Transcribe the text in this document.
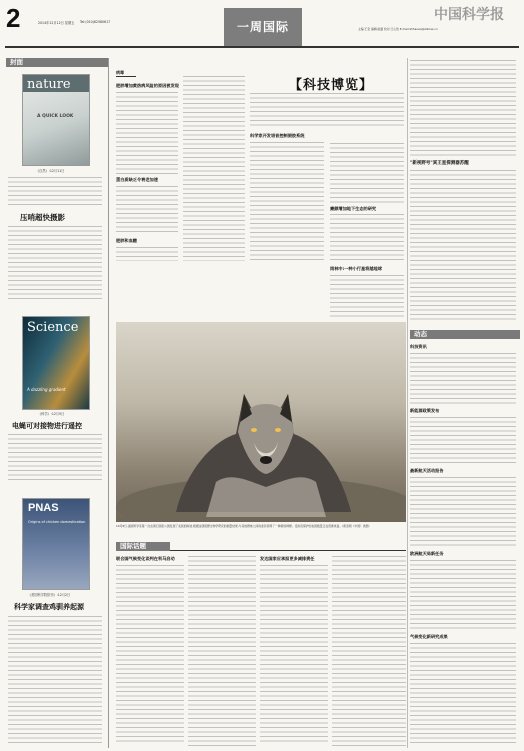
2	2014年12月12日 星期五 Tel:(010)62580617	一周国际
中国科学报
主编:王宏 编辑:赵路 校对:王心怡 E-mail:zhhaoao@stimes.cn
封面
nature
A QUICK LOOK
《自然》:12月11日
压哨超快摄影
Science
A dazzling gradient
《科学》:12月5日
电蝇可对接物进行遥控
PNAS
Origins of chicken domestication
《美国科学院院刊》:12月2日
科学家调查鸡驯养起源
病毒
肥胖增加黄热病风险的原因被发现
蛋白质缺乏令衰老加速
肥胖和血糖
【科技博览】
科学家开发语音控制假肢系统
廉颇增加地下生态的研究
雨林中:一种小行星将越地球
"新视野号"冥王星探测器苏醒
10月8日,美国科学家第一次在黄石国家公园发现了灰狼的踪迹,根据这项狼群生物学研究的测量结果,与其他群体之间的差异表明了一种新的种群。受政府保护的灰狼数量正在逐渐恢复。(新浪网《中国》供图)
国际话题
联合国气候变化谈判在利马启动	发达国家应承担更多减排责任
动态
科技资讯
新能源政策发布
最新航天活动报告
欧洲航天局新任务
气候变化新研究成果
